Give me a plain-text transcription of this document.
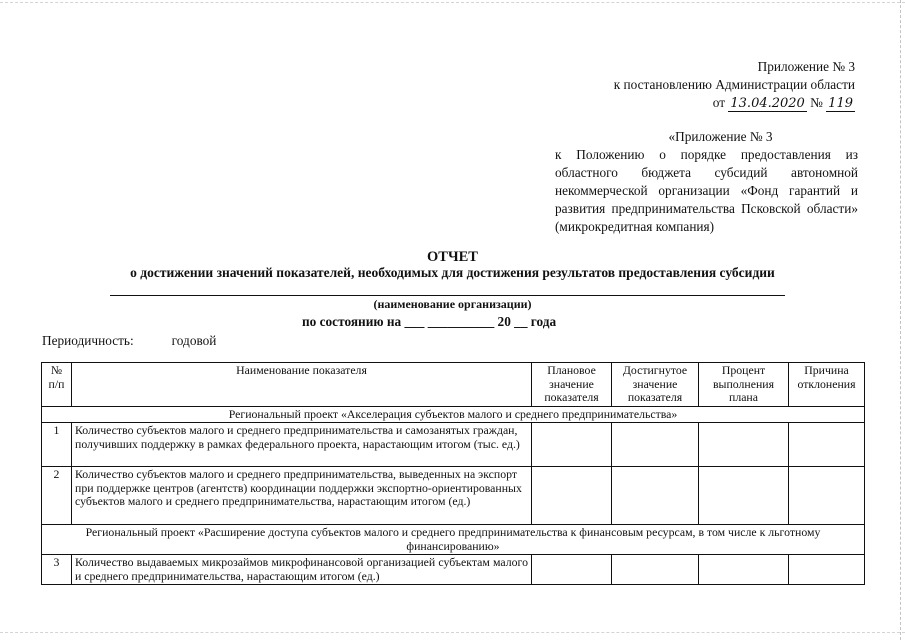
Приложение № 3
к постановлению Администрации области
от 13.04.2020 № 119
«Приложение № 3
к Положению о порядке предоставления из областного бюджета субсидий автономной некоммерческой организации «Фонд гарантий и развития предпринимательства Псковской области» (микрокредитная компания)
ОТЧЕТ
о достижении значений показателей, необходимых для достижения результатов предоставления субсидии
(наименование организации)
по состоянию на ___ __________ 20 __ года
Периодичность:	годовой
№ п/п	Наименование показателя	Плановое значение показателя	Достигнутое значение показателя	Процент выполнения плана	Причина отклонения
Региональный проект «Акселерация субъектов малого и среднего предпринимательства»					
1	Количество субъектов малого и среднего предпринимательства и самозанятых граждан, получивших поддержку в рамках федерального проекта, нарастающим итогом (тыс. ед.)				
2	Количество субъектов малого и среднего предпринимательства, выведенных на экспорт при поддержке центров (агентств) координации поддержки экспортно-ориентированных субъектов малого и среднего предпринимательства, нарастающим итогом (ед.)				
Региональный проект «Расширение доступа субъектов малого и среднего предпринимательства к финансовым ресурсам, в том числе к льготному финансированию»					
3	Количество выдаваемых микрозаймов микрофинансовой организацией субъектам малого и среднего предпринимательства, нарастающим итогом (ед.)				
